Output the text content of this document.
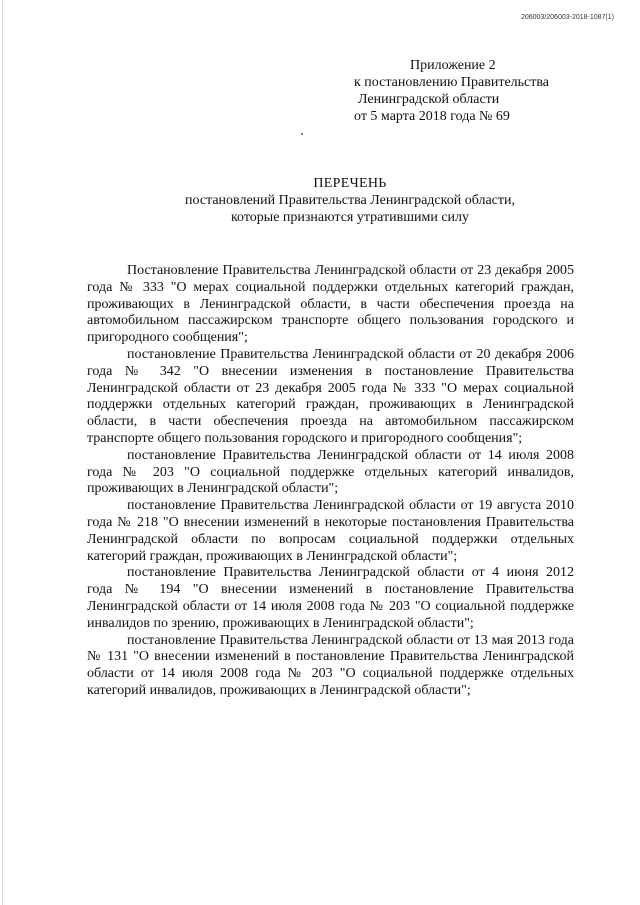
206003/206003-2018-1087(1)
Приложение 2
к постановлению Правительства
Ленинградской области
от 5 марта 2018 года № 69
ПЕРЕЧЕНЬ
постановлений Правительства Ленинградской области,
которые признаются утратившими силу

Постановление Правительства Ленинградской области от 23 декабря 2005 года № 333 "О мерах социальной поддержки отдельных категорий граждан, проживающих в Ленинградской области, в части обеспечения проезда на автомобильном пассажирском транспорте общего пользования городского и пригородного сообщения";

постановление Правительства Ленинградской области от 20 декабря 2006 года № 342 "О внесении изменения в постановление Правительства Ленинградской области от 23 декабря 2005 года № 333 "О мерах социальной поддержки отдельных категорий граждан, проживающих в Ленинградской области, в части обеспечения проезда на автомобильном пассажирском транспорте общего пользования городского и пригородного сообщения";

постановление Правительства Ленинградской области от 14 июля 2008 года № 203 "О социальной поддержке отдельных категорий инвалидов, проживающих в Ленинградской области";

постановление Правительства Ленинградской области от 19 августа 2010 года № 218 "О внесении изменений в некоторые постановления Правительства Ленинградской области по вопросам социальной поддержки отдельных категорий граждан, проживающих в Ленинградской области";

постановление Правительства Ленинградской области от 4 июня 2012 года № 194 "О внесении изменений в постановление Правительства Ленинградской области от 14 июля 2008 года № 203 "О социальной поддержке инвалидов по зрению, проживающих в Ленинградской области";

постановление Правительства Ленинградской области от 13 мая 2013 года № 131 "О внесении изменений в постановление Правительства Ленинградской области от 14 июля 2008 года № 203 "О социальной поддержке отдельных категорий инвалидов, проживающих в Ленинградской области";
